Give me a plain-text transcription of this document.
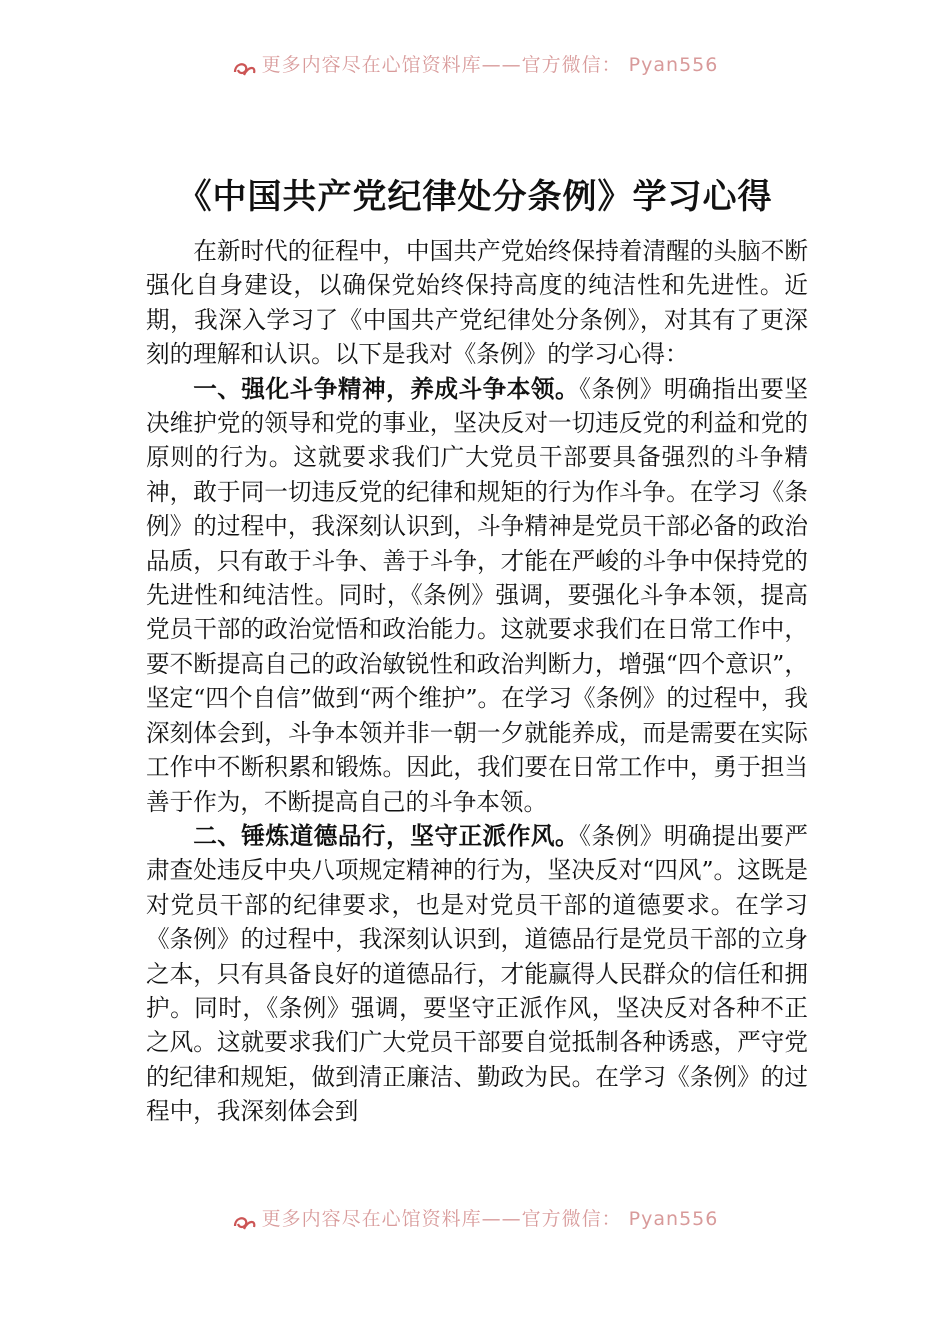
更多内容尽在心馆资料库——官方微信： Pyan556
《中国共产党纪律处分条例》学习心得

在新时代的征程中，中国共产党始终保持着清醒的头脑不断强化自身建设，以确保党始终保持高度的纯洁性和先进性。近期，我深入学习了《中国共产党纪律处分条例》，对其有了更深刻的理解和认识。以下是我对《条例》的学习心得：

一、强化斗争精神，养成斗争本领。《条例》明确指出要坚决维护党的领导和党的事业，坚决反对一切违反党的利益和党的原则的行为。这就要求我们广大党员干部要具备强烈的斗争精神，敢于同一切违反党的纪律和规矩的行为作斗争。在学习《条例》的过程中，我深刻认识到，斗争精神是党员干部必备的政治品质，只有敢于斗争、善于斗争，才能在严峻的斗争中保持党的先进性和纯洁性。同时，《条例》强调，要强化斗争本领，提高党员干部的政治觉悟和政治能力。这就要求我们在日常工作中，要不断提高自己的政治敏锐性和政治判断力，增强“四个意识”，坚定“四个自信”做到“两个维护”。在学习《条例》的过程中，我深刻体会到，斗争本领并非一朝一夕就能养成，而是需要在实际工作中不断积累和锻炼。因此，我们要在日常工作中，勇于担当善于作为，不断提高自己的斗争本领。

二、锤炼道德品行，坚守正派作风。《条例》明确提出要严肃查处违反中央八项规定精神的行为，坚决反对“四风”。这既是对党员干部的纪律要求，也是对党员干部的道德要求。在学习《条例》的过程中，我深刻认识到，道德品行是党员干部的立身之本，只有具备良好的道德品行，才能赢得人民群众的信任和拥护。同时，《条例》强调，要坚守正派作风，坚决反对各种不正之风。这就要求我们广大党员干部要自觉抵制各种诱惑，严守党的纪律和规矩，做到清正廉洁、勤政为民。在学习《条例》的过程中，我深刻体会到

更多内容尽在心馆资料库——官方微信： Pyan556
